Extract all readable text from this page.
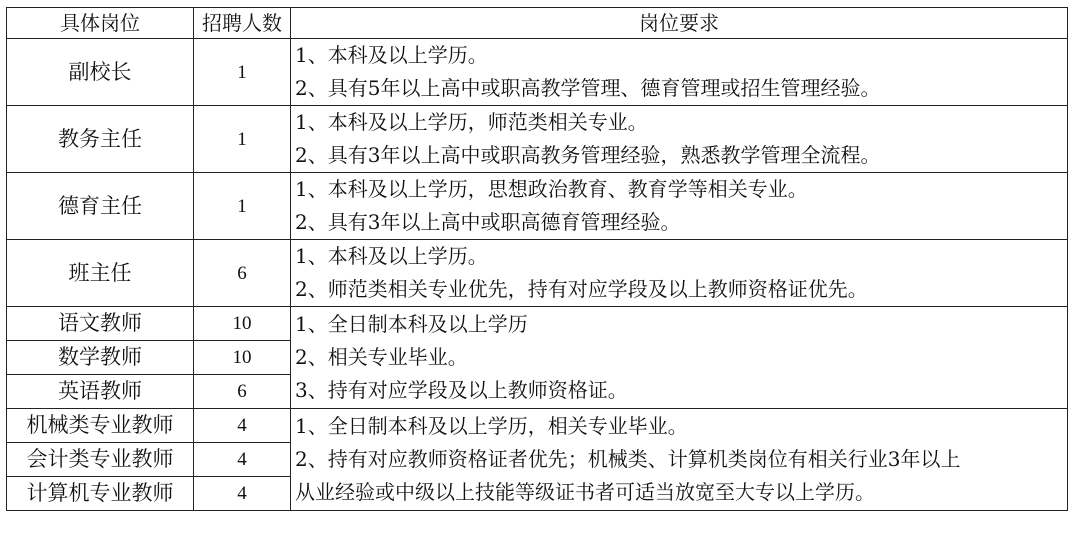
具体岗位	招聘人数	岗位要求
副校长	1	1、本科及以上学历。
2、具有5年以上高中或职高教学管理、德育管理或招生管理经验。

教务主任	1	1、本科及以上学历，师范类相关专业。
2、具有3年以上高中或职高教务管理经验，熟悉教学管理全流程。

德育主任	1	1、本科及以上学历，思想政治教育、教育学等相关专业。
2、具有3年以上高中或职高德育管理经验。

班主任	6	1、本科及以上学历。
2、师范类相关专业优先，持有对应学段及以上教师资格证优先。

语文教师	10	1、全日制本科及以上学历
2、相关专业毕业。
3、持有对应学段及以上教师资格证。

数学教师	10	
英语教师	6	
机械类专业教师	4	1、全日制本科及以上学历，相关专业毕业。
2、持有对应教师资格证者优先；机械类、计算机类岗位有相关行业3年以上
从业经验或中级以上技能等级证书者可适当放宽至大专以上学历。

会计类专业教师	4	
计算机专业教师	4	
